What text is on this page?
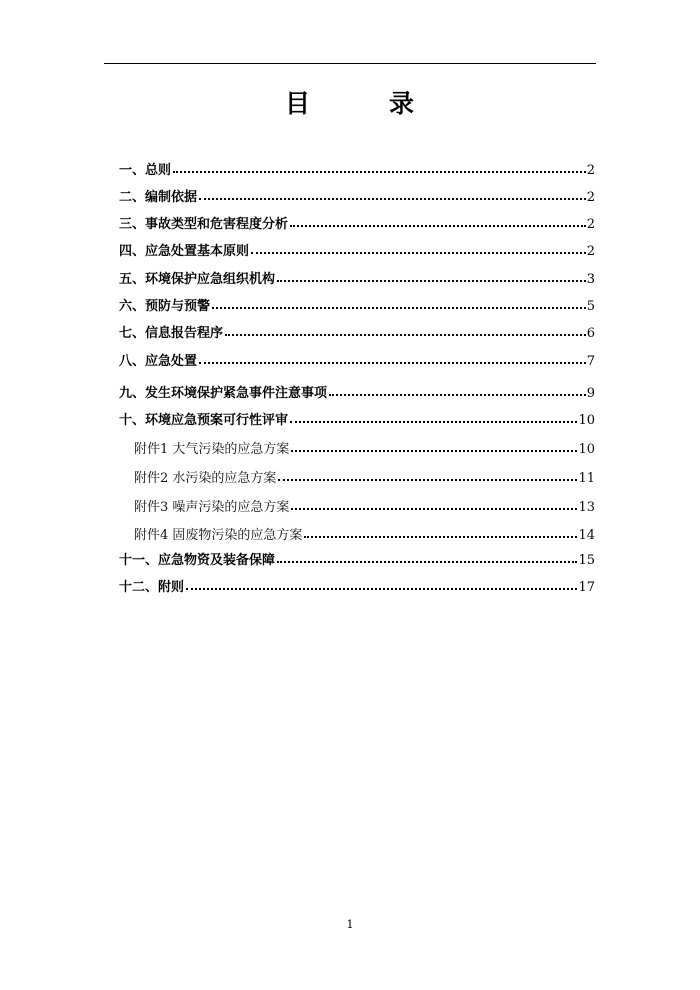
目	录
一、总则	2
二、编制依据	2
三、事故类型和危害程度分析	2
四、应急处置基本原则	2
五、环境保护应急组织机构	3
六、预防与预警	5
七、信息报告程序	6
八、应急处置	7
九、发生环境保护紧急事件注意事项	9
十、环境应急预案可行性评审	10
附件1 大气污染的应急方案	10
附件2 水污染的应急方案	11
附件3 噪声污染的应急方案	13
附件4 固废物污染的应急方案	14
十一、应急物资及装备保障	15
十二、附则	17
1
